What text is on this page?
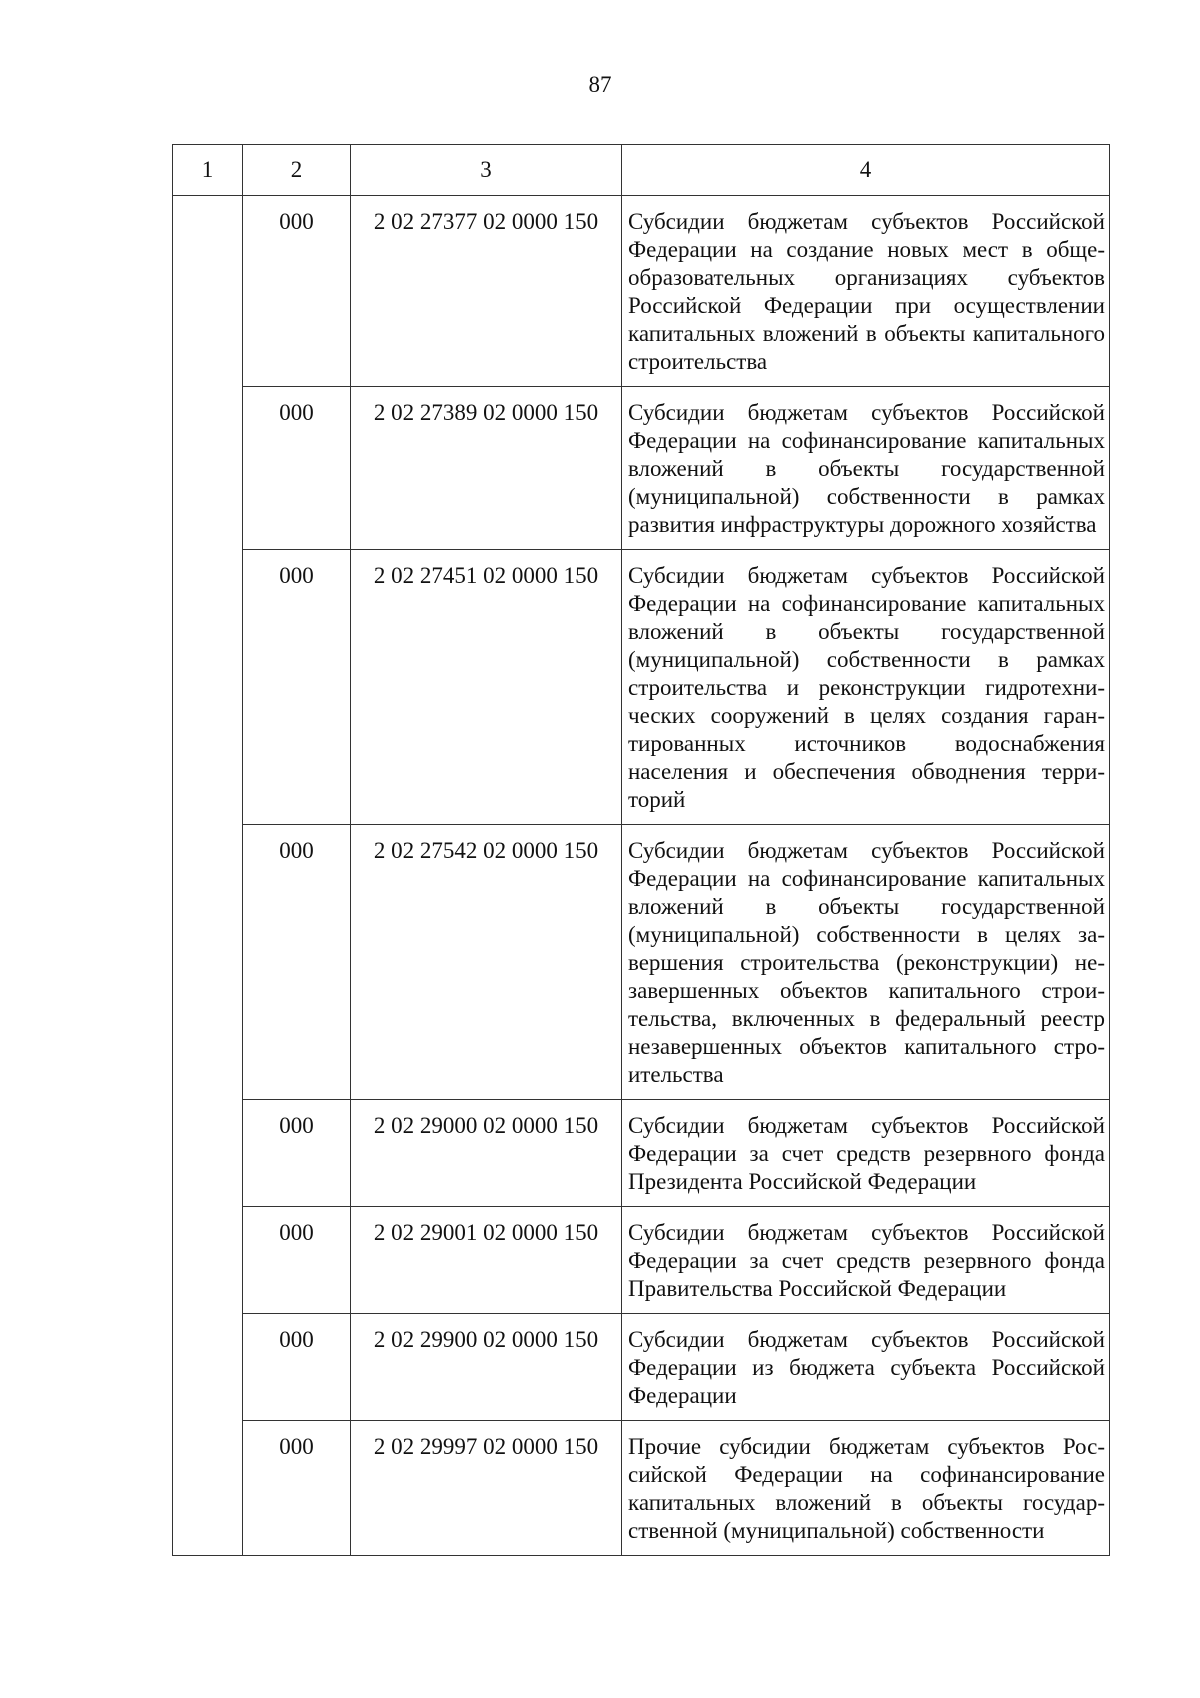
87
1	2	3	4
	000	2 02 27377 02 0000 150	Субсидии бюджетам субъектов Российской Федерации на создание новых мест в общеобразовательных организациях субъектов Российской Федерации при осуществлении капитальных вложений в объекты капитального строительства
	000	2 02 27389 02 0000 150	Субсидии бюджетам субъектов Российской Федерации на софинансирование капитальных вложений в объекты государственной (муниципальной) собственности в рамках развития инфраструктуры дорожного хозяйства
	000	2 02 27451 02 0000 150	Субсидии бюджетам субъектов Российской Федерации на софинансирование капитальных вложений в объекты государственной (муниципальной) собственности в рамках строительства и реконструкции гидротехнических сооружений в целях создания гарантированных источников водоснабжения населения и обеспечения обводнения территорий
	000	2 02 27542 02 0000 150	Субсидии бюджетам субъектов Российской Федерации на софинансирование капитальных вложений в объекты государственной (муниципальной) собственности в целях завершения строительства (реконструкции) незавершенных объектов капитального строительства, включенных в федеральный реестр незавершенных объектов капитального строительства
	000	2 02 29000 02 0000 150	Субсидии бюджетам субъектов Российской Федерации за счет средств резервного фонда Президента Российской Федерации
	000	2 02 29001 02 0000 150	Субсидии бюджетам субъектов Российской Федерации за счет средств резервного фонда Правительства Российской Федерации
	000	2 02 29900 02 0000 150	Субсидии бюджетам субъектов Российской Федерации из бюджета субъекта Российской Федерации
	000	2 02 29997 02 0000 150	Прочие субсидии бюджетам субъектов Российской Федерации на софинансирование капитальных вложений в объекты государственной (муниципальной) собственности
